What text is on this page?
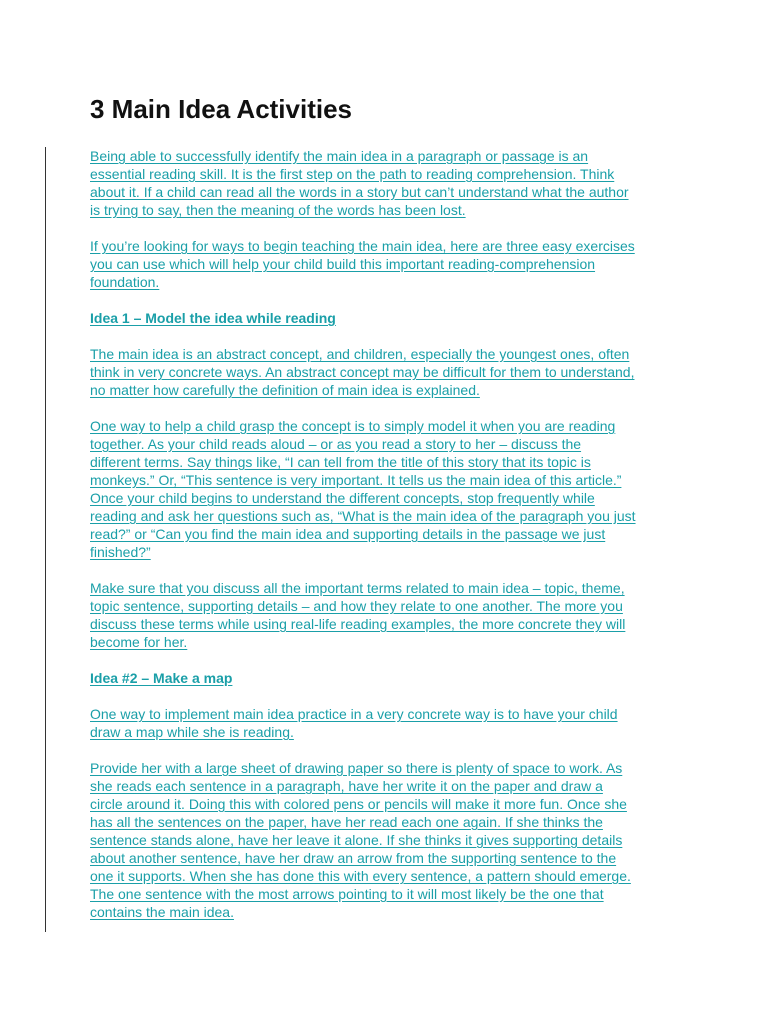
3 Main Idea Activities

Being able to successfully identify the main idea in a paragraph or passage is an
essential reading skill. It is the first step on the path to reading comprehension. Think
about it. If a child can read all the words in a story but can’t understand what the author
is trying to say, then the meaning of the words has been lost.

If you’re looking for ways to begin teaching the main idea, here are three easy exercises
you can use which will help your child build this important reading-comprehension
foundation.

Idea 1 – Model the idea while reading

The main idea is an abstract concept, and children, especially the youngest ones, often
think in very concrete ways. An abstract concept may be difficult for them to understand,
no matter how carefully the definition of main idea is explained.

One way to help a child grasp the concept is to simply model it when you are reading
together. As your child reads aloud – or as you read a story to her – discuss the
different terms. Say things like, “I can tell from the title of this story that its topic is
monkeys.” Or, “This sentence is very important. It tells us the main idea of this article.”
Once your child begins to understand the different concepts, stop frequently while
reading and ask her questions such as, “What is the main idea of the paragraph you just
read?” or “Can you find the main idea and supporting details in the passage we just
finished?”

Make sure that you discuss all the important terms related to main idea – topic, theme,
topic sentence, supporting details – and how they relate to one another. The more you
discuss these terms while using real-life reading examples, the more concrete they will
become for her.

Idea #2 – Make a map

One way to implement main idea practice in a very concrete way is to have your child
draw a map while she is reading.

Provide her with a large sheet of drawing paper so there is plenty of space to work. As
she reads each sentence in a paragraph, have her write it on the paper and draw a
circle around it. Doing this with colored pens or pencils will make it more fun. Once she
has all the sentences on the paper, have her read each one again. If she thinks the
sentence stands alone, have her leave it alone. If she thinks it gives supporting details
about another sentence, have her draw an arrow from the supporting sentence to the
one it supports. When she has done this with every sentence, a pattern should emerge.
The one sentence with the most arrows pointing to it will most likely be the one that
contains the main idea.
